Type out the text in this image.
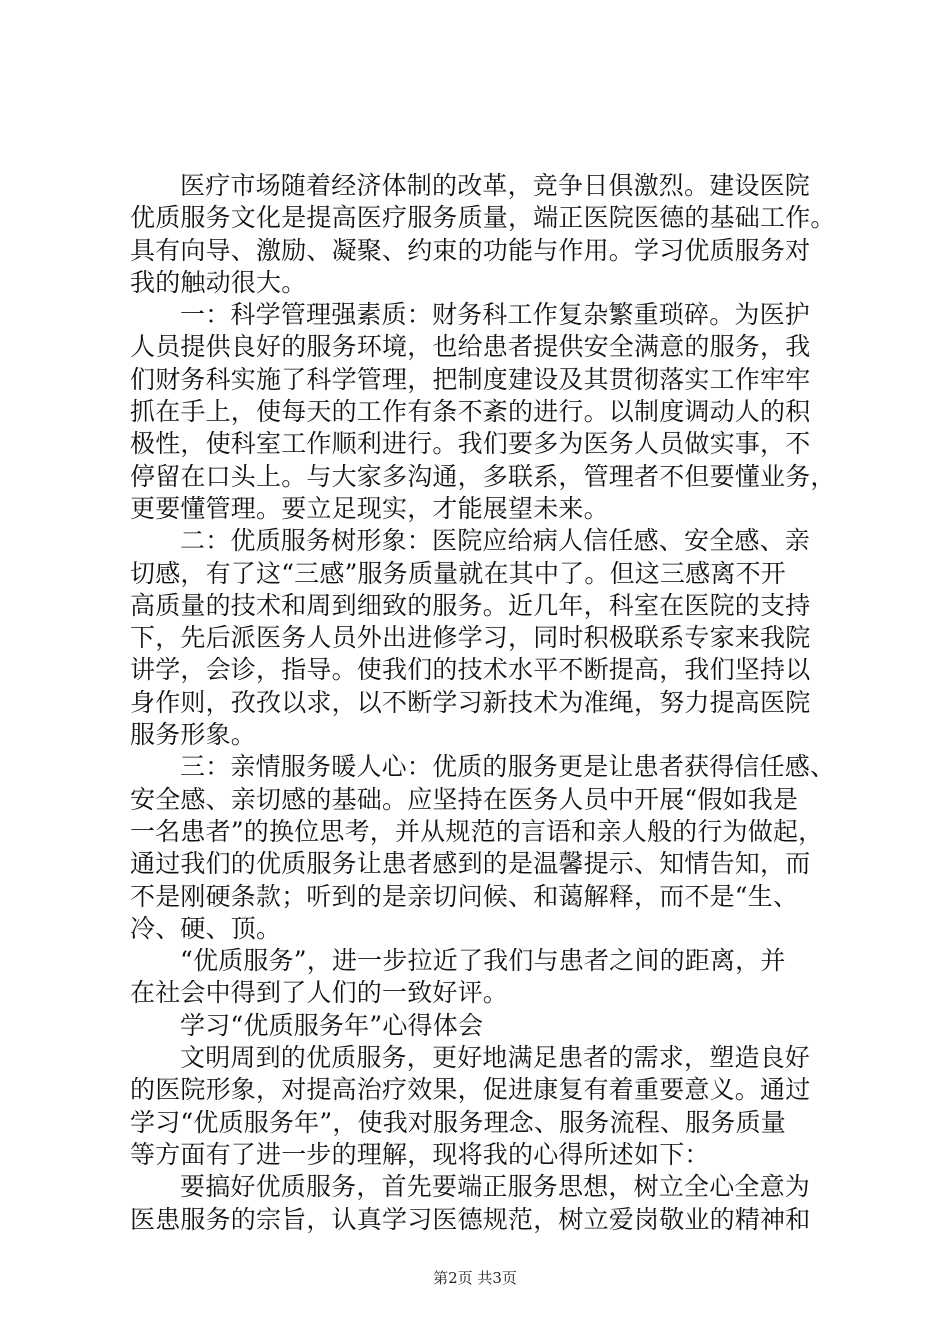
医疗市场随着经济体制的改革，竞争日俱激烈。建设医院
优质服务文化是提高医疗服务质量，端正医院医德的基础工作。
具有向导、激励、凝聚、约束的功能与作用。学习优质服务对
我的触动很大。
一：科学管理强素质：财务科工作复杂繁重琐碎。为医护
人员提供良好的服务环境，也给患者提供安全满意的服务，我
们财务科实施了科学管理，把制度建设及其贯彻落实工作牢牢
抓在手上，使每天的工作有条不紊的进行。以制度调动人的积
极性，使科室工作顺利进行。我们要多为医务人员做实事，不
停留在口头上。与大家多沟通，多联系，管理者不但要懂业务，
更要懂管理。要立足现实，才能展望未来。
二：优质服务树形象：医院应给病人信任感、安全感、亲
切感，有了这“三感”服务质量就在其中了。但这三感离不开
高质量的技术和周到细致的服务。近几年，科室在医院的支持
下，先后派医务人员外出进修学习，同时积极联系专家来我院
讲学，会诊，指导。使我们的技术水平不断提高，我们坚持以
身作则，孜孜以求，以不断学习新技术为准绳，努力提高医院
服务形象。
三：亲情服务暖人心：优质的服务更是让患者获得信任感、
安全感、亲切感的基础。应坚持在医务人员中开展“假如我是
一名患者”的换位思考，并从规范的言语和亲人般的行为做起，
通过我们的优质服务让患者感到的是温馨提示、知情告知，而
不是刚硬条款；听到的是亲切问候、和蔼解释，而不是“生、
冷、硬、顶。
“优质服务”，进一步拉近了我们与患者之间的距离，并
在社会中得到了人们的一致好评。
学习“优质服务年”心得体会
文明周到的优质服务，更好地满足患者的需求，塑造良好
的医院形象，对提高治疗效果，促进康复有着重要意义。通过
学习“优质服务年”，使我对服务理念、服务流程、服务质量
等方面有了进一步的理解，现将我的心得所述如下：
要搞好优质服务，首先要端正服务思想，树立全心全意为
医患服务的宗旨，认真学习医德规范，树立爱岗敬业的精神和
第2页 共3页
